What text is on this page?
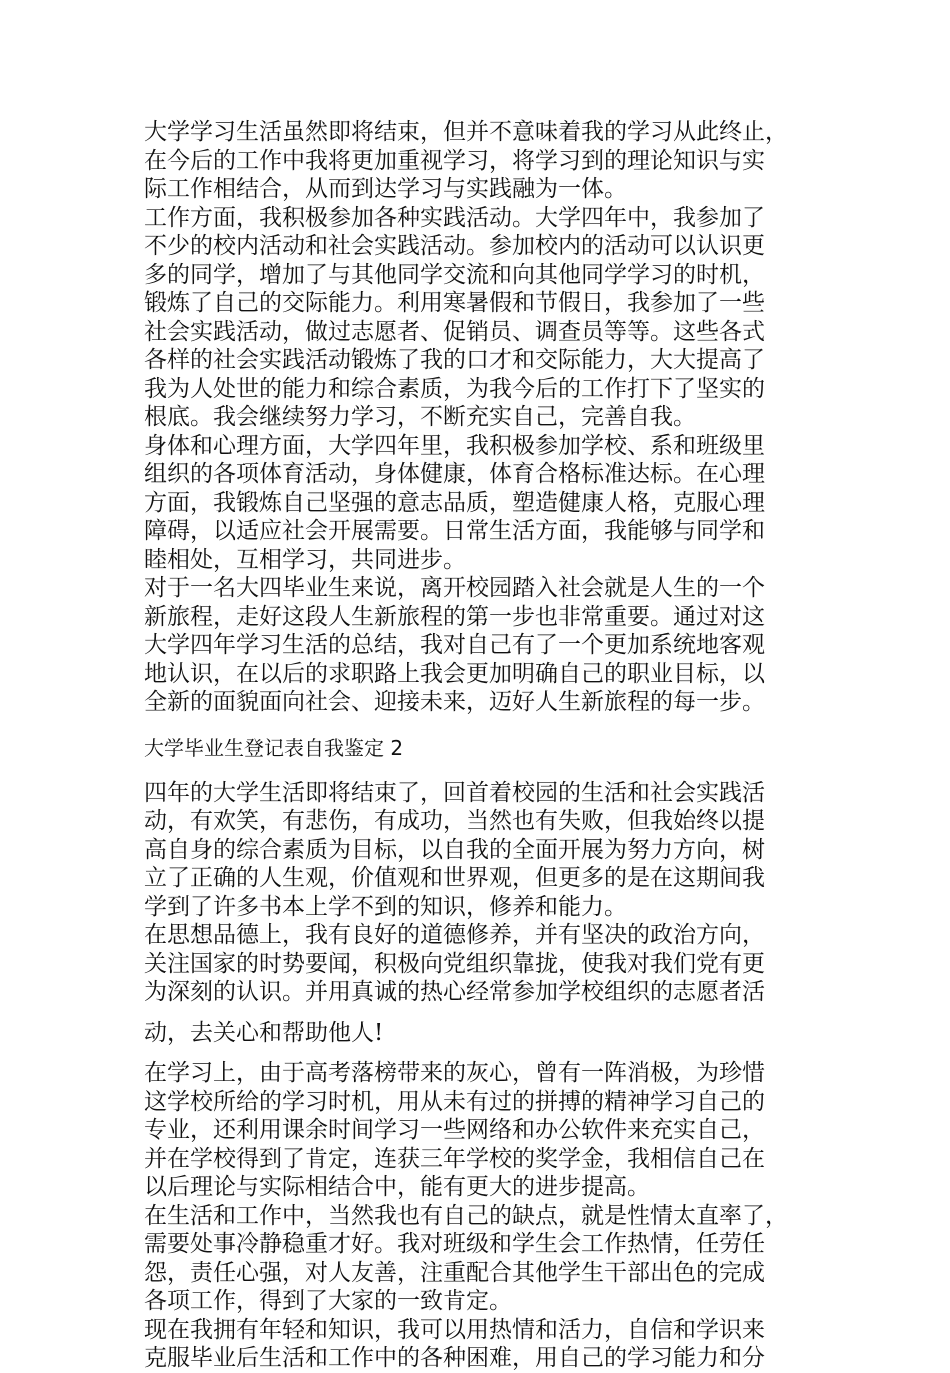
大学学习生活虽然即将结束，但并不意味着我的学习从此终止，
在今后的工作中我将更加重视学习，将学习到的理论知识与实
际工作相结合，从而到达学习与实践融为一体。

工作方面，我积极参加各种实践活动。大学四年中，我参加了
不少的校内活动和社会实践活动。参加校内的活动可以认识更
多的同学，增加了与其他同学交流和向其他同学学习的时机，
锻炼了自己的交际能力。利用寒暑假和节假日，我参加了一些
社会实践活动，做过志愿者、促销员、调查员等等。这些各式
各样的社会实践活动锻炼了我的口才和交际能力，大大提高了
我为人处世的能力和综合素质，为我今后的工作打下了坚实的
根底。我会继续努力学习，不断充实自己，完善自我。

身体和心理方面，大学四年里，我积极参加学校、系和班级里
组织的各项体育活动，身体健康，体育合格标准达标。在心理
方面，我锻炼自己坚强的意志品质，塑造健康人格，克服心理
障碍，以适应社会开展需要。日常生活方面，我能够与同学和
睦相处，互相学习，共同进步。

对于一名大四毕业生来说，离开校园踏入社会就是人生的一个
新旅程，走好这段人生新旅程的第一步也非常重要。通过对这
大学四年学习生活的总结，我对自己有了一个更加系统地客观
地认识，在以后的求职路上我会更加明确自己的职业目标，以
全新的面貌面向社会、迎接未来，迈好人生新旅程的每一步。

大学毕业生登记表自我鉴定 2

四年的大学生活即将结束了，回首着校园的生活和社会实践活
动，有欢笑，有悲伤，有成功，当然也有失败，但我始终以提
高自身的综合素质为目标，以自我的全面开展为努力方向，树
立了正确的人生观，价值观和世界观，但更多的是在这期间我
学到了许多书本上学不到的知识，修养和能力。

在思想品德上，我有良好的道德修养，并有坚决的政治方向，
关注国家的时势要闻，积极向党组织靠拢，使我对我们党有更
为深刻的认识。并用真诚的热心经常参加学校组织的志愿者活

动，去关心和帮助他人!

在学习上，由于高考落榜带来的灰心，曾有一阵消极，为珍惜
这学校所给的学习时机，用从未有过的拼搏的精神学习自己的
专业，还利用课余时间学习一些网络和办公软件来充实自己，
并在学校得到了肯定，连获三年学校的奖学金，我相信自己在
以后理论与实际相结合中，能有更大的进步提高。

在生活和工作中，当然我也有自己的缺点，就是性情太直率了，
需要处事冷静稳重才好。我对班级和学生会工作热情，任劳任
怨，责任心强，对人友善，注重配合其他学生干部出色的完成
各项工作，得到了大家的一致肯定。

现在我拥有年轻和知识，我可以用热情和活力，自信和学识来
克服毕业后生活和工作中的各种困难，用自己的学习能力和分
